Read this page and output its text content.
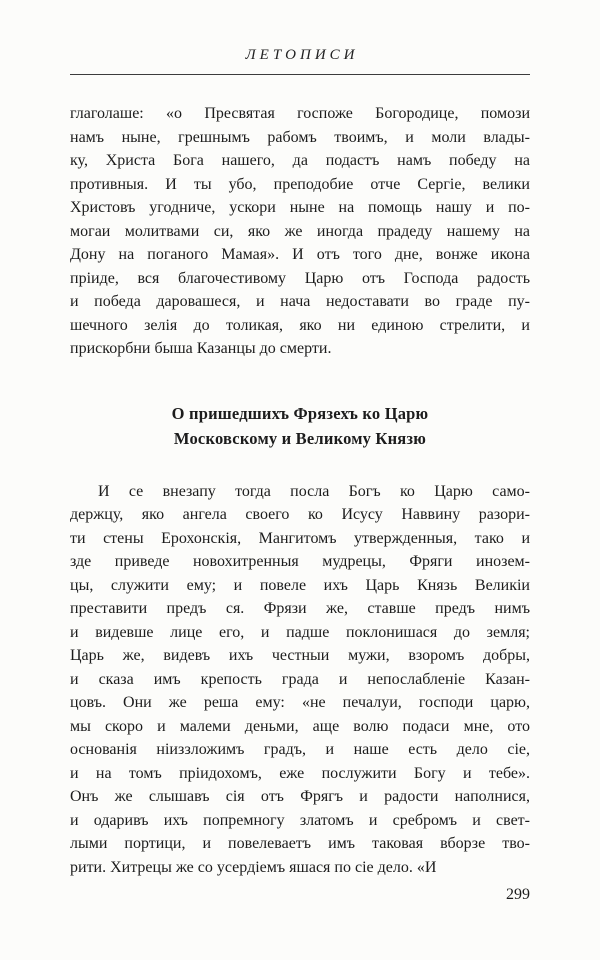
ЛЕТОПИСИ
глаголаше: «о Пресвятая госпоже Богородице, помози
намъ ныне, грешнымъ рабомъ твоимъ, и моли влады-
ку, Христа Бога нашего, да подастъ намъ победу на
противныя. И ты убо, преподобие отче Сергіе, велики
Христовъ угодниче, ускори ныне на помощь нашу и по-
могаи молитвами си, яко же иногда прадеду нашему на
Дону на поганого Мамая». И отъ того дне, вонже икона
пріиде, вся благочестивому Царю отъ Господа радость
и победа даровашеся, и нача недоставати во граде пу-
шечного зелія до толикая, яко ни единою стрелити, и
прискорбни быша Казанцы до смерти.
О пришедшихъ Фрязехъ ко Царю
Московскому и Великому Князю
И се внезапу тогда посла Богъ ко Царю само-
держцу, яко ангела своего ко Исусу Наввину разори-
ти стены Ерохонскія, Мангитомъ утвержденныя, тако и
зде приведе новохитренныя мудрецы, Фряги инозем-
цы, служити ему; и повеле ихъ Царь Князь Великіи
преставити предъ ся. Фрязи же, ставше предъ нимъ
и видевше лице его, и падше поклонишася до земля;
Царь же, видевъ ихъ честныи мужи, взоромъ добры,
и сказа имъ крепость града и непослабленіе Казан-
цовъ. Они же реша ему: «не печалуи, господи царю,
мы скоро и малеми деньми, аще волю подаси мне, ото
основанія ніиззложимъ градъ, и наше есть дело сіе,
и на томъ пріидохомъ, еже послужити Богу и тебе».
Онъ же слышавъ сія отъ Фрягъ и радости наполнися,
и одаривъ ихъ попремногу златомъ и сребромъ и свет-
лыми портици, и повелеваетъ имъ таковая вборзе тво-
рити. Хитрецы же со усердіемъ яшася по сіе дело. «И
299
